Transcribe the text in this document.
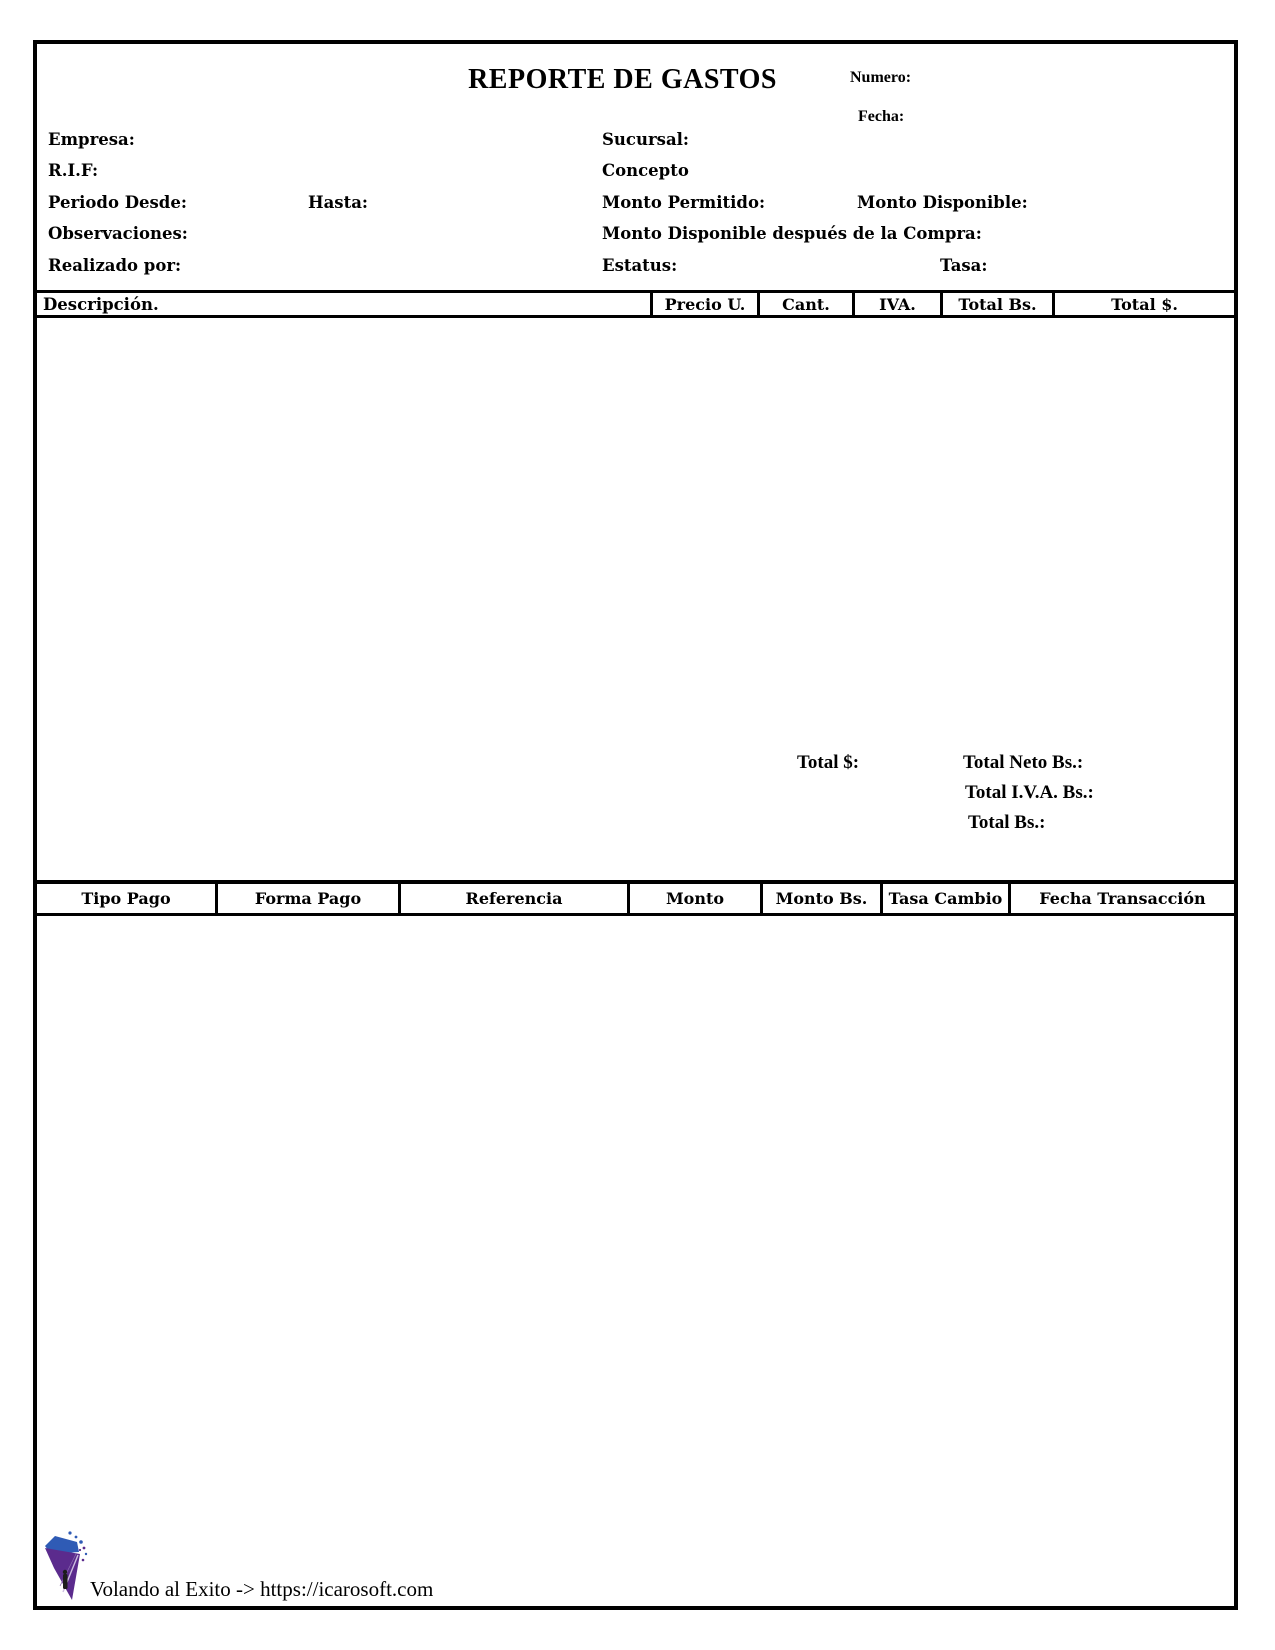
REPORTE DE GASTOS	Numero:
Fecha:
Empresa:
R.I.F:
Periodo Desde:	Hasta:
Observaciones:
Realizado por:
Sucursal:
Concepto
Monto Permitido:	Monto Disponible:
Monto Disponible después de la Compra:
Estatus:	Tasa:
Descripción.	Precio U.	Cant.	IVA.	Total Bs.	Total $.
Total $:	Total Neto Bs.:
Total I.V.A. Bs.:
Total Bs.:
Tipo Pago	Forma Pago	Referencia	Monto	Monto Bs.	Tasa Cambio	Fecha Transacción
Volando al Exito -> https://icarosoft.com
